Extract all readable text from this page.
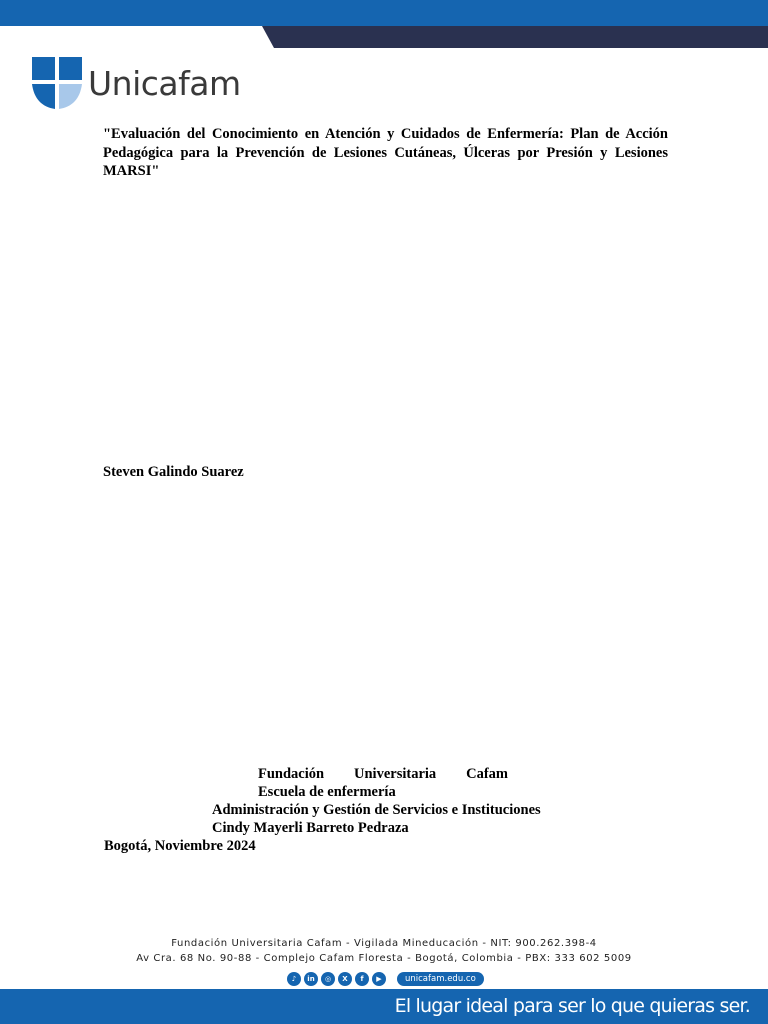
Unicafam
"Evaluación del Conocimiento en Atención y Cuidados de Enfermería: Plan de Acción Pedagógica para la Prevención de Lesiones Cutáneas, Úlceras por Presión y Lesiones MARSI"
Steven Galindo Suarez
Fundación Universitaria Cafam
Escuela de enfermería
Administración y Gestión de Servicios e Instituciones
Cindy Mayerli Barreto Pedraza
Bogotá, Noviembre 2024
Fundación Universitaria Cafam - Vigilada Mineducación - NIT: 900.262.398-4
Av Cra. 68 No. 90-88 - Complejo Cafam Floresta - Bogotá, Colombia - PBX: 333 602 5009
♪	in	◎	X	f	▶	unicafam.edu.co
El lugar ideal para ser lo que quieras ser.
